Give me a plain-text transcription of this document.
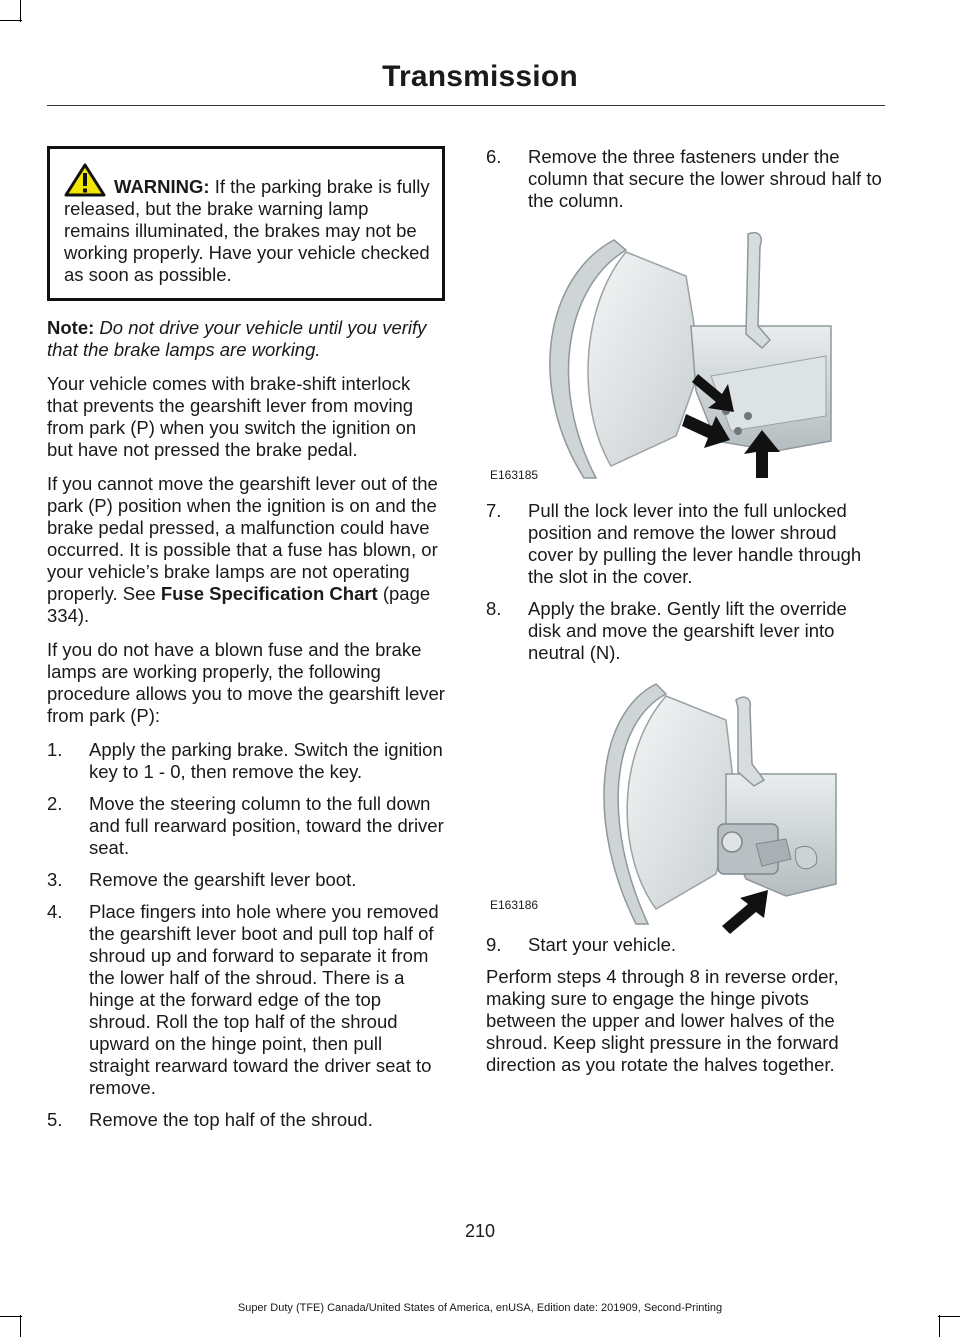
Transmission
WARNING: If the parking brake is fully released, but the brake warning lamp remains illuminated, the brakes may not be working properly. Have your vehicle checked as soon as possible.

Note: Do not drive your vehicle until you verify that the brake lamps are working.

Your vehicle comes with brake-shift interlock that prevents the gearshift lever from moving from park (P) when you switch the ignition on but have not pressed the brake pedal.

If you cannot move the gearshift lever out of the park (P) position when the ignition is on and the brake pedal pressed, a malfunction could have occurred. It is possible that a fuse has blown, or your vehicle’s brake lamps are not operating properly. See Fuse Specification Chart (page 334).

If you do not have a blown fuse and the brake lamps are working properly, the following procedure allows you to move the gearshift lever from park (P):

1. Apply the parking brake. Switch the ignition key to 1 - 0, then remove the key.
2. Move the steering column to the full down and full rearward position, toward the driver seat.
3. Remove the gearshift lever boot.
4. Place fingers into hole where you removed the gearshift lever boot and pull top half of shroud up and forward to separate it from the lower half of the shroud. There is a hinge at the forward edge of the top shroud. Roll the top half of the shroud upward on the hinge point, then pull straight rearward toward the driver seat to remove.
5. Remove the top half of the shroud.
6. Remove the three fasteners under the column that secure the lower shroud half to the column.
E163185
7. Pull the lock lever into the full unlocked position and remove the lower shroud cover by pulling the lever handle through the slot in the cover.
8. Apply the brake. Gently lift the override disk and move the gearshift lever into neutral (N).
E163186
9. Start your vehicle.

Perform steps 4 through 8 in reverse order, making sure to engage the hinge pivots between the upper and lower halves of the shroud. Keep slight pressure in the forward direction as you rotate the halves together.

210
Super Duty (TFE) Canada/United States of America, enUSA, Edition date: 201909, Second-Printing
